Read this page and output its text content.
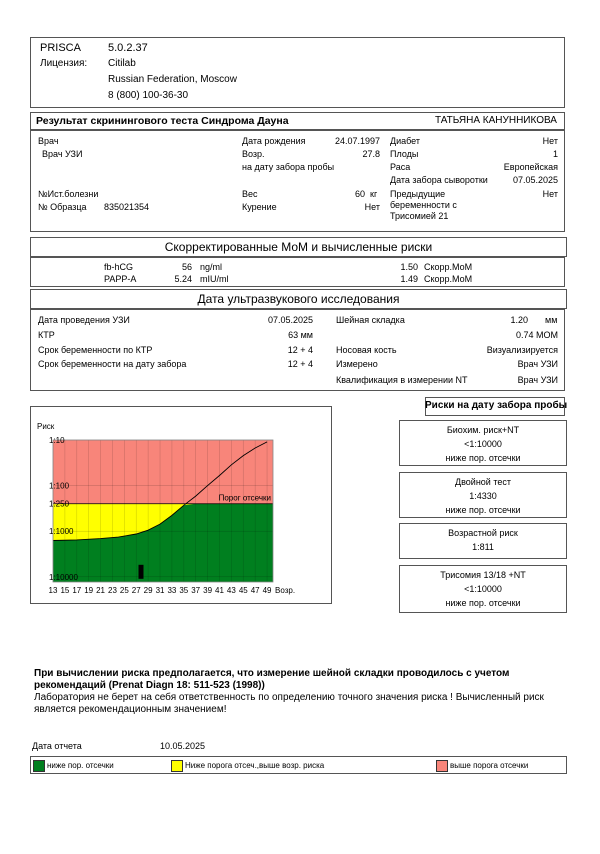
PRISCA 5.0.2.37
Лицензия: Citilab
Russian Federation, Moscow
8 (800) 100-36-30
Результат скринингового теста Синдрома Дауна	ТАТЬЯНА КАНУННИКОВА
Врач
Врач УЗИ
№Ист.болезни
№ Образца 835021354
Дата рождения	24.07.1997
Возр.	27.8
на дату забора пробы
Вес	60 кг
Курение	Нет
Диабет	Нет
Плоды	1
Раса	Европейская
Дата забора сыворотки	07.05.2025
Предыдущие
беременности с
Трисомией 21
Нет
Скорректированные МоМ и вычисленные риски
fb-hCG	56 ng/ml	1.50 Скорр.МоМ
PAPP-A	5.24 mIU/ml	1.49 Скорр.МоМ
Дата ультразвукового исследования
Дата проведения УЗИ	07.05.2025
КТР	63 мм
Срок беременности по КТР	12 + 4
Срок беременности на дату забора	12 + 4
Шейная складка	1.20 мм
0.74 МОМ
Носовая кость	Визуализируется
Измерено	Врач УЗИ
Квалификация в измерении NT	Врач УЗИ
1:10
1:100
1:250
1:1000
1:10000
13 15 17 19 21 23 25 27 29 31 33 35 37 39 41 43 45 47 49
Риск
Возр.
Порог отсечки
Риски на дату забора пробы
Биохим. риск+NT
<1:10000
ниже пор. отсечки
Двойной тест
1:4330
ниже пор. отсечки
Возрастной риск
1:811
Трисомия 13/18 +NT
<1:10000
ниже пор. отсечки
При вычислении риска предполагается, что измерение шейной складки проводилось с учетом рекомендаций (Prenat Diagn 18: 511-523 (1998))
Лаборатория не берет на себя ответственность по определению точного значения риска ! Вычисленный риск является рекомендационным значением!
Дата отчета	10.05.2025
ниже пор. отсечки	Ниже порога отсеч.,выше возр. риска	выше порога отсечки
